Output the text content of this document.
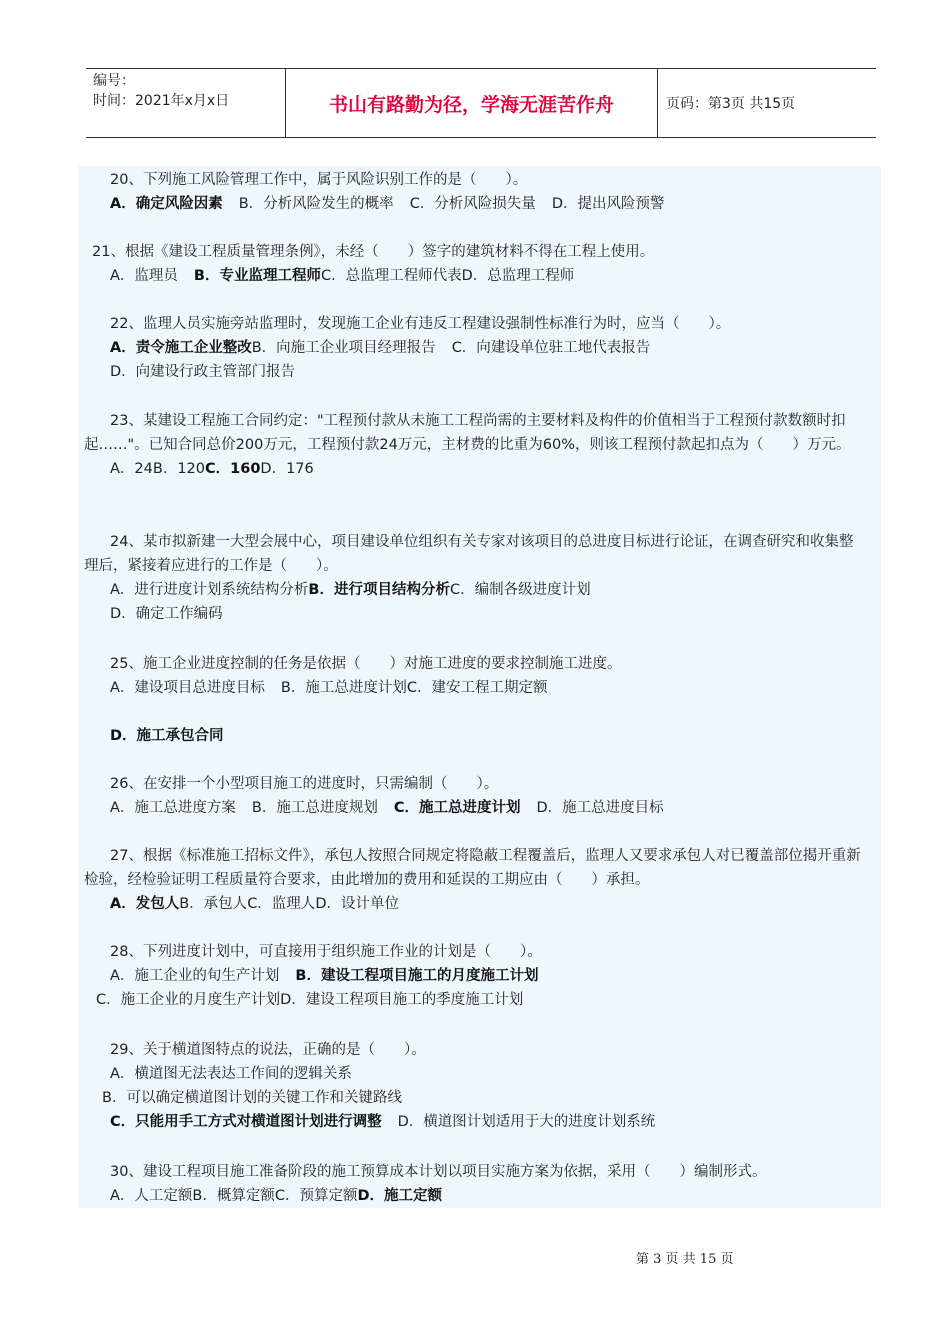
编号：
时间：2021年x月x日	书山有路勤为径，学海无涯苦作舟	页码：第3页 共15页

20、下列施工风险管理工作中，属于风险识别工作的是（　　）。

A．确定风险因素 B．分析风险发生的概率 C．分析风险损失量 D．提出风险预警

21、根据《建设工程质量管理条例》，未经（　　）签字的建筑材料不得在工程上使用。

A．监理员 B．专业监理工程师C．总监理工程师代表D．总监理工程师

22、监理人员实施旁站监理时，发现施工企业有违反工程建设强制性标准行为时，应当（　　）。

A．责令施工企业整改B．向施工企业项目经理报告 C．向建设单位驻工地代表报告

D．向建设行政主管部门报告

23、某建设工程施工合同约定："工程预付款从未施工工程尚需的主要材料及构件的价值相当于工程预付款数额时扣起……"。已知合同总价200万元，工程预付款24万元，主材费的比重为60%，则该工程预付款起扣点为（　　）万元。

A．24B．120C．160D．176

24、某市拟新建一大型会展中心，项目建设单位组织有关专家对该项目的总进度目标进行论证，在调查研究和收集整理后，紧接着应进行的工作是（　　）。

A．进行进度计划系统结构分析B．进行项目结构分析C．编制各级进度计划

D．确定工作编码

25、施工企业进度控制的任务是依据（　　）对施工进度的要求控制施工进度。

A．建设项目总进度目标 B．施工总进度计划C．建安工程工期定额

D．施工承包合同

26、在安排一个小型项目施工的进度时，只需编制（　　）。

A．施工总进度方案 B．施工总进度规划 C．施工总进度计划 D．施工总进度目标

27、根据《标准施工招标文件》，承包人按照合同规定将隐蔽工程覆盖后，监理人又要求承包人对已覆盖部位揭开重新检验，经检验证明工程质量符合要求，由此增加的费用和延误的工期应由（　　）承担。

A．发包人B．承包人C．监理人D．设计单位

28、下列进度计划中，可直接用于组织施工作业的计划是（　　）。

A．施工企业的旬生产计划 B．建设工程项目施工的月度施工计划

C．施工企业的月度生产计划D．建设工程项目施工的季度施工计划

29、关于横道图特点的说法，正确的是（　　）。

A．横道图无法表达工作间的逻辑关系

B．可以确定横道图计划的关键工作和关键路线

C．只能用手工方式对横道图计划进行调整 D．横道图计划适用于大的进度计划系统

30、建设工程项目施工准备阶段的施工预算成本计划以项目实施方案为依据，采用（　　）编制形式。

A．人工定额B．概算定额C．预算定额D．施工定额

第 3 页 共 15 页
